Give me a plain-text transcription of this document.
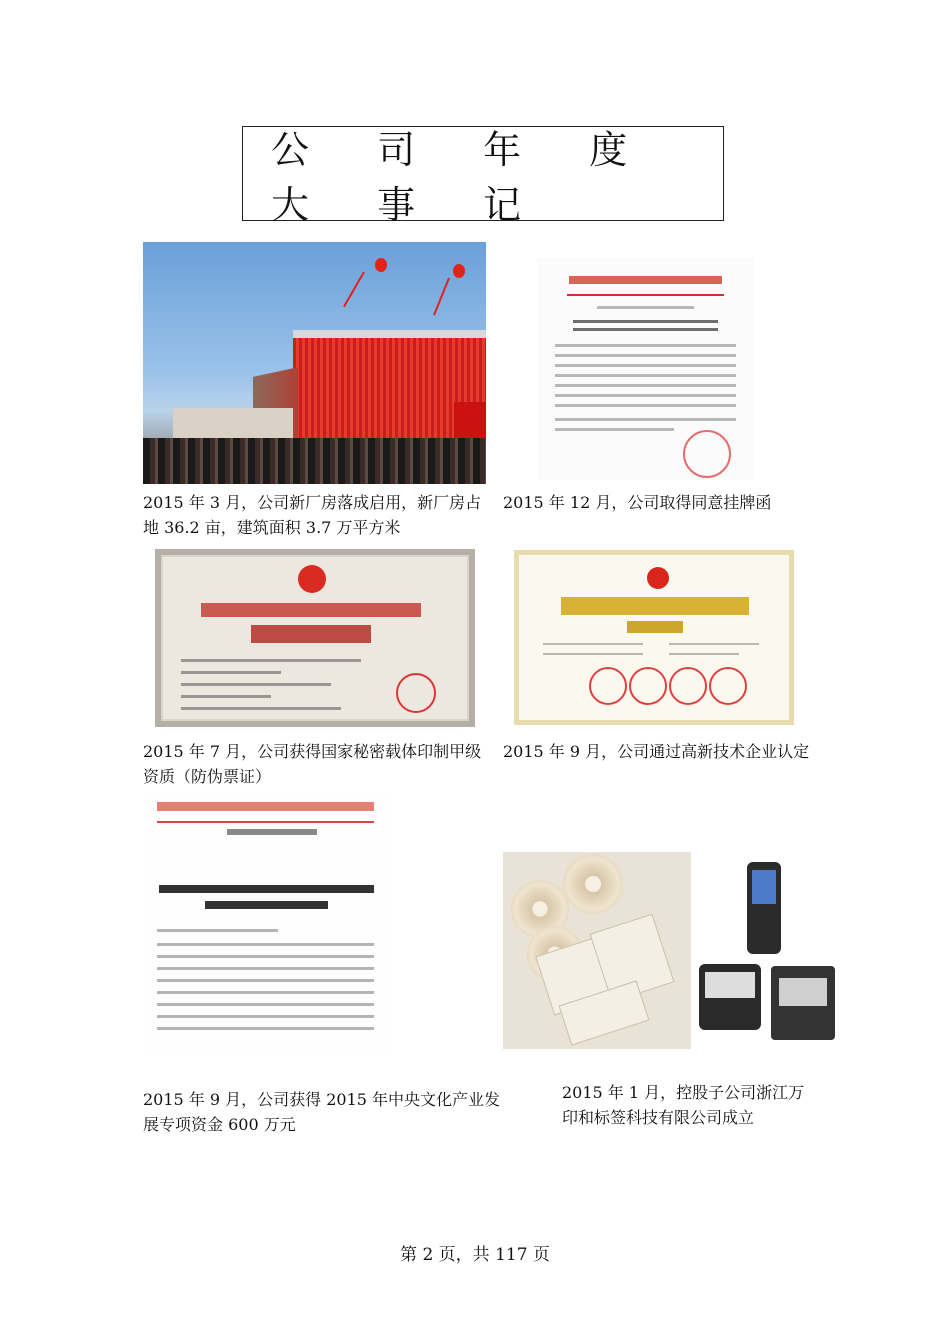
公 司 年 度 大 事 记

2015 年 3 月，公司新厂房落成启用，新厂房占
地 36.2 亩，建筑面积 3.7 万平方米

2015 年 12 月，公司取得同意挂牌函

2015 年 7 月，公司获得国家秘密载体印制甲级
资质（防伪票证）

2015 年 9 月，公司通过高新技术企业认定

2015 年 9 月，公司获得 2015 年中央文化产业发
展专项资金 600 万元

2015 年 1 月，控股子公司浙江万
印和标签科技有限公司成立

第 2 页，共 117 页
